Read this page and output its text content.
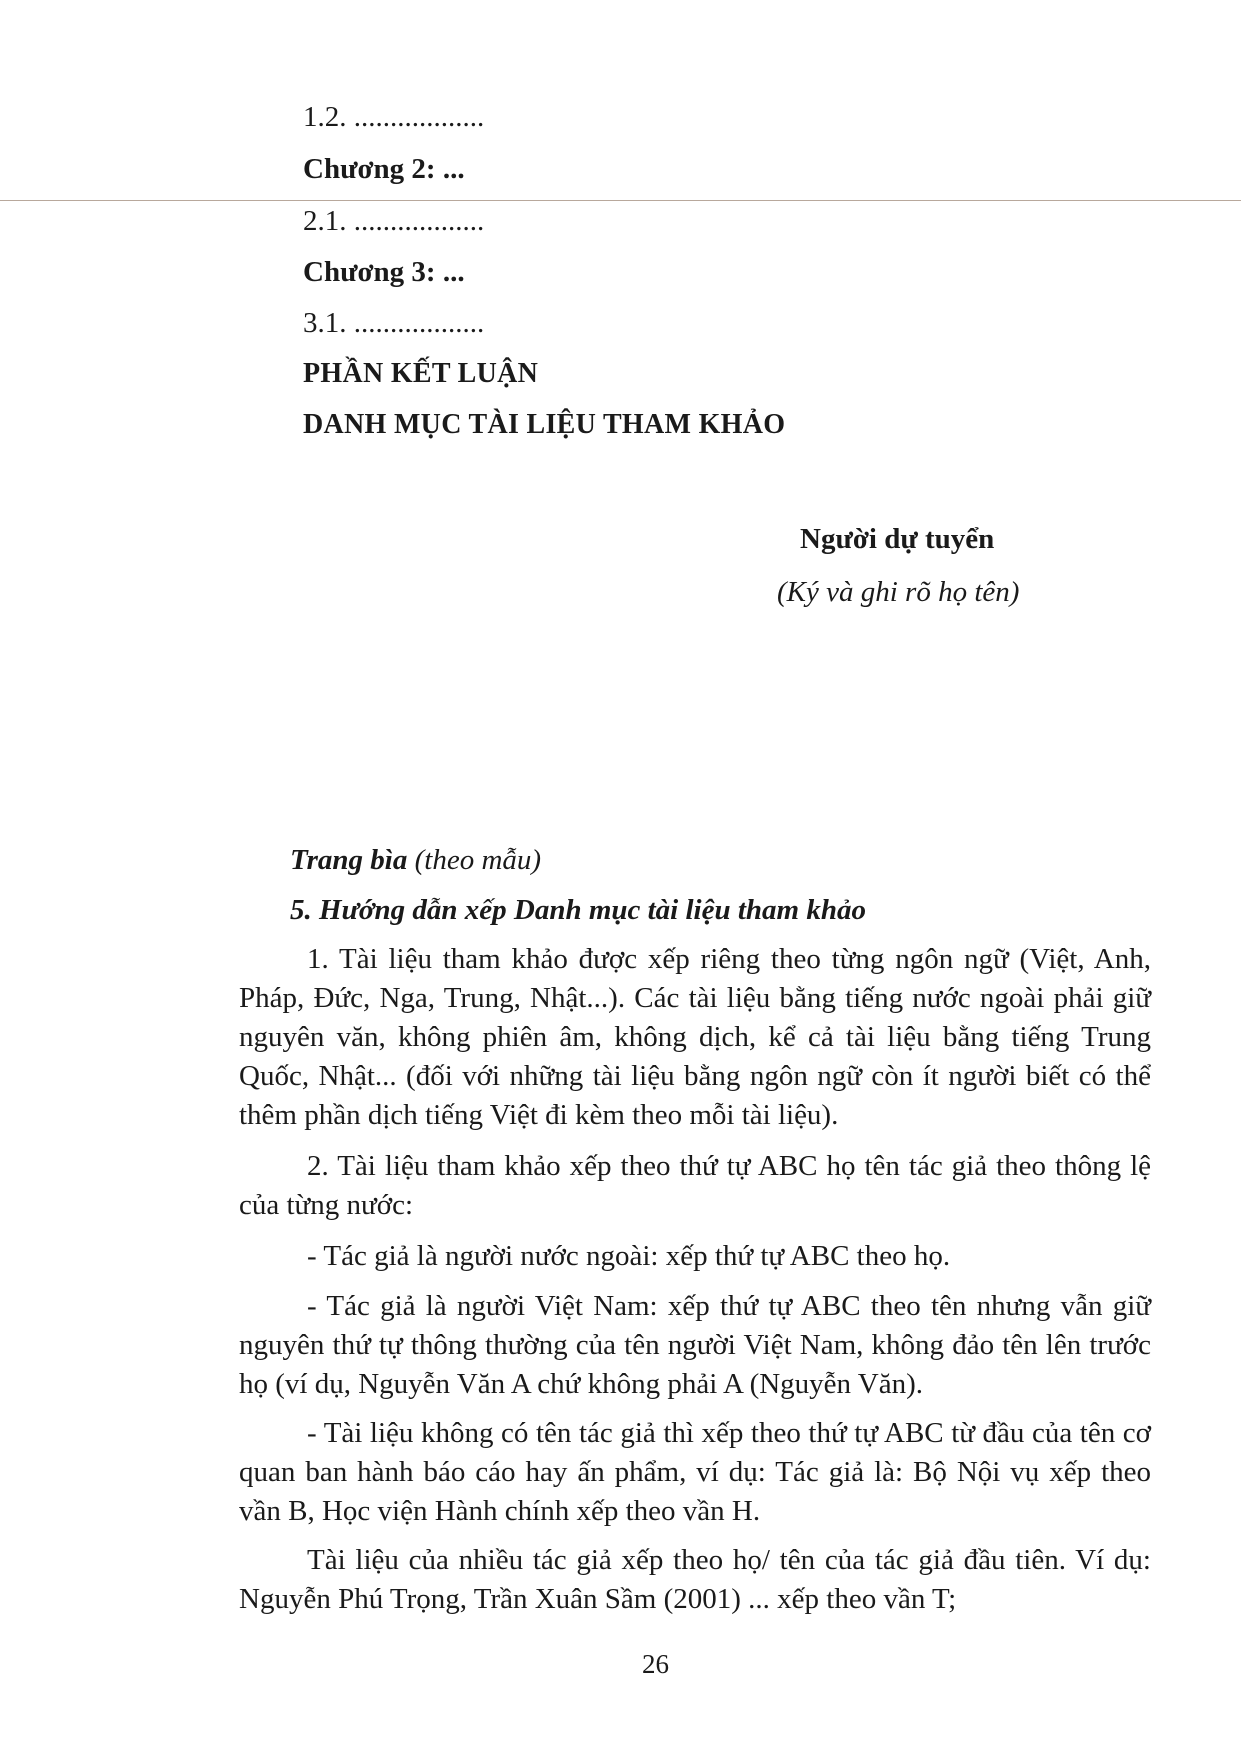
1.2. ..................
Chương 2: ...
2.1. ..................
Chương 3: ...
3.1. ..................
PHẦN KẾT LUẬN
DANH MỤC TÀI LIỆU THAM KHẢO
Người dự tuyển
(Ký và ghi rõ họ tên)
Trang bìa (theo mẫu)
5. Hướng dẫn xếp Danh mục tài liệu tham khảo
1. Tài liệu tham khảo được xếp riêng theo từng ngôn ngữ (Việt, Anh, Pháp, Đức, Nga, Trung, Nhật...). Các tài liệu bằng tiếng nước ngoài phải giữ nguyên văn, không phiên âm, không dịch, kể cả tài liệu bằng tiếng Trung Quốc, Nhật... (đối với những tài liệu bằng ngôn ngữ còn ít người biết có thể thêm phần dịch tiếng Việt đi kèm theo mỗi tài liệu).
2. Tài liệu tham khảo xếp theo thứ tự ABC họ tên tác giả theo thông lệ của từng nước:
- Tác giả là người nước ngoài: xếp thứ tự ABC theo họ.
- Tác giả là người Việt Nam: xếp thứ tự ABC theo tên nhưng vẫn giữ nguyên thứ tự thông thường của tên người Việt Nam, không đảo tên lên trước họ (ví dụ, Nguyễn Văn A chứ không phải A (Nguyễn Văn).
- Tài liệu không có tên tác giả thì xếp theo thứ tự ABC từ đầu của tên cơ quan ban hành báo cáo hay ấn phẩm, ví dụ: Tác giả là: Bộ Nội vụ xếp theo vần B, Học viện Hành chính xếp theo vần H.
Tài liệu của nhiều tác giả xếp theo họ/ tên của tác giả đầu tiên. Ví dụ: Nguyễn Phú Trọng, Trần Xuân Sầm (2001) ... xếp theo vần T;
26
